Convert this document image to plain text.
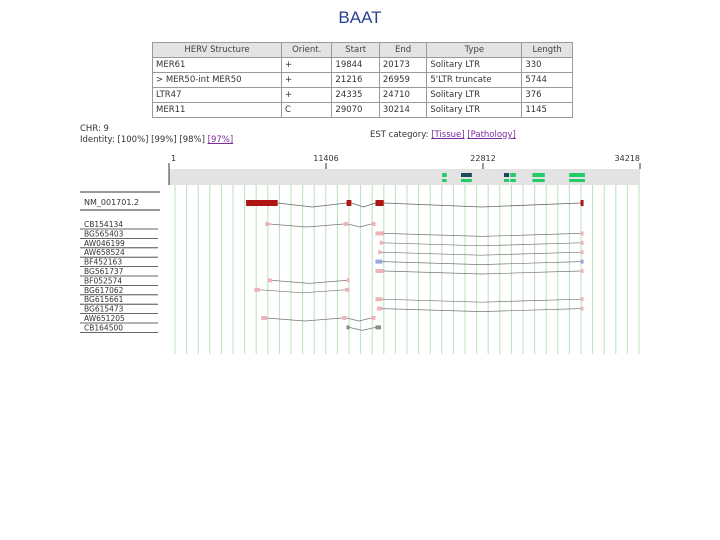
BAAT
HERV Structure	Orient.	Start	End	Type	Length
MER61	+	19844	20173	Solitary LTR	330
> MER50-int MER50	+	21216	26959	5'LTR truncate	5744
LTR47	+	24335	24710	Solitary LTR	376
MER11	C	29070	30214	Solitary LTR	1145
CHR: 9
Identity: [100%] [99%] [98%] [97%]	EST category: [Tissue] [Pathology]
1	11406	22812	34218
NM_001701.2
CB154134
BG565403
AW046199
AW658524
BF452163
BG561737
BF052574
BG617062
BG615661
BG615473
AW651205
CB164500
